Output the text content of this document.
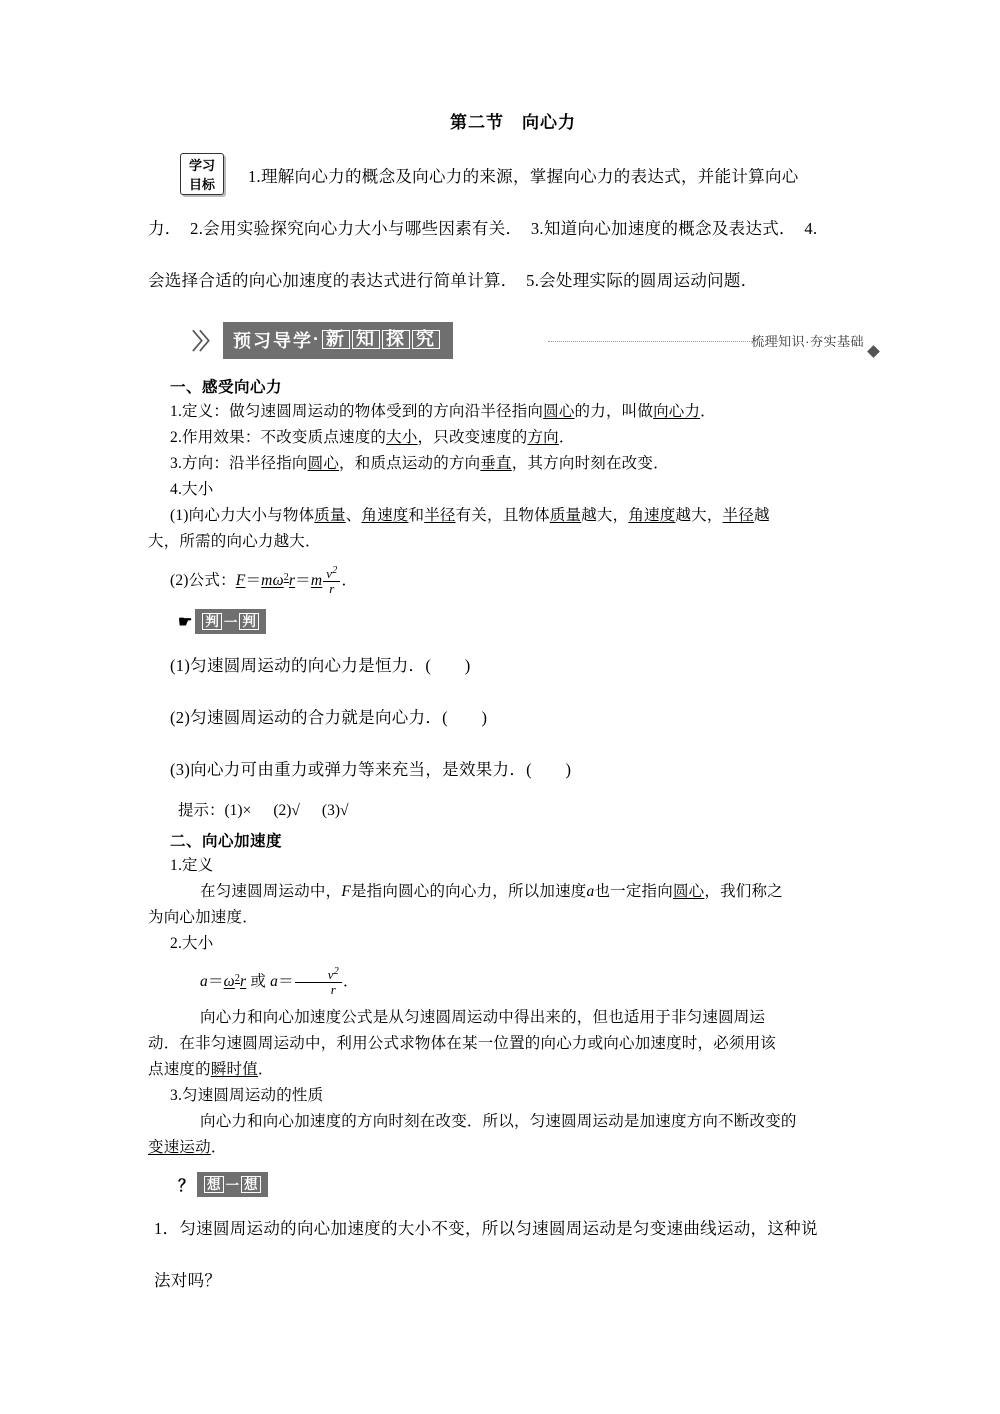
第二节 向心力
学习
目标	1.理解向心力的概念及向心力的来源，掌握向心力的表达式，并能计算向心
力．　2.会用实验探究向心力大小与哪些因素有关．　3.知道向心加速度的概念及表达式．　4.
会选择合适的向心加速度的表达式进行简单计算．　5.会处理实际的圆周运动问题．
〉〉 预习导学 · 新 知 探 究	梳理知识·夯实基础
一、感受向心力

1.定义：做匀速圆周运动的物体受到的方向沿半径指向圆心的力，叫做向心力．

2.作用效果：不改变质点速度的大小，只改变速度的方向．

3.方向：沿半径指向圆心，和质点运动的方向垂直，其方向时刻在改变．

4.大小

(1)向心力大小与物体质量、角速度和半径有关，且物体质量越大，角速度越大，半径越

大，所需的向心力越大．

(2)公式：$F=m\omega^2r=m \frac{v^2}{r}$ ．

☛ 判 一 判
(1)匀速圆周运动的向心力是恒力．(　　)
(2)匀速圆周运动的合力就是向心力．(　　)
(3)向心力可由重力或弹力等来充当，是效果力．(　　)
提示：(1)× (2)√ (3)√
二、向心加速度

1.定义

在匀速圆周运动中，F是指向圆心的向心力，所以加速度a也一定指向圆心，我们称之

为向心加速度．

2.大小

$a=\omega^2r$ 或 $a= \frac{v^2}{r}$ ．

向心力和向心加速度公式是从匀速圆周运动中得出来的，但也适用于非匀速圆周运

动．在非匀速圆周运动中，利用公式求物体在某一位置的向心力或向心加速度时，必须用该

点速度的瞬时值．

3.匀速圆周运动的性质

向心力和向心加速度的方向时刻在改变．所以，匀速圆周运动是加速度方向不断改变的

变速运动．

？ 想 一 想
1．匀速圆周运动的向心加速度的大小不变，所以匀速圆周运动是匀变速曲线运动，这种说
法对吗？
